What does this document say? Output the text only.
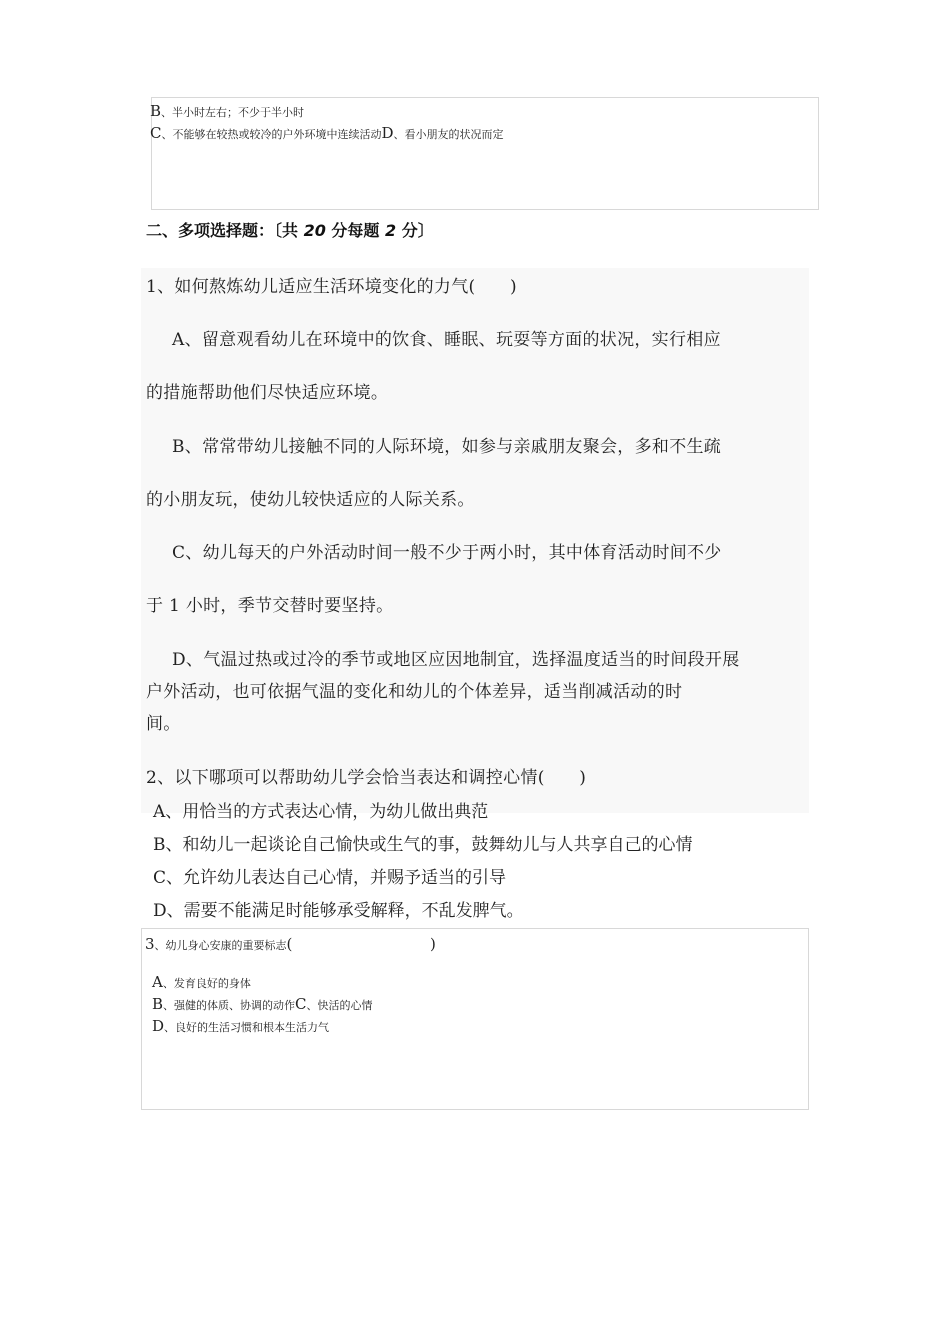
B、半小时左右；不少于半小时
C、不能够在较热或较冷的户外环境中连续活动D、看小朋友的状况而定
二、多项选择题：〔共 20 分每题 2 分〕
1、如何熬炼幼儿适应生活环境变化的力气(　　)
A、留意观看幼儿在环境中的饮食、睡眠、玩耍等方面的状况，实行相应
的措施帮助他们尽快适应环境。
B、常常带幼儿接触不同的人际环境，如参与亲戚朋友聚会，多和不生疏
的小朋友玩，使幼儿较快适应的人际关系。
C、幼儿每天的户外活动时间一般不少于两小时，其中体育活动时间不少
于 1 小时，季节交替时要坚持。
D、气温过热或过冷的季节或地区应因地制宜，选择温度适当的时间段开展
户外活动，也可依据气温的变化和幼儿的个体差异，适当削减活动的时
间。
2、以下哪项可以帮助幼儿学会恰当表达和调控心情(　　)
A、用恰当的方式表达心情，为幼儿做出典范
B、和幼儿一起谈论自己愉快或生气的事，鼓舞幼儿与人共享自己的心情
C、允许幼儿表达自己心情，并赐予适当的引导
D、需要不能满足时能够承受解释，不乱发脾气。
3、幼儿身心安康的重要标志(	)
A、发育良好的身体
B、强健的体质、协调的动作C、快活的心情
D、良好的生活习惯和根本生活力气
